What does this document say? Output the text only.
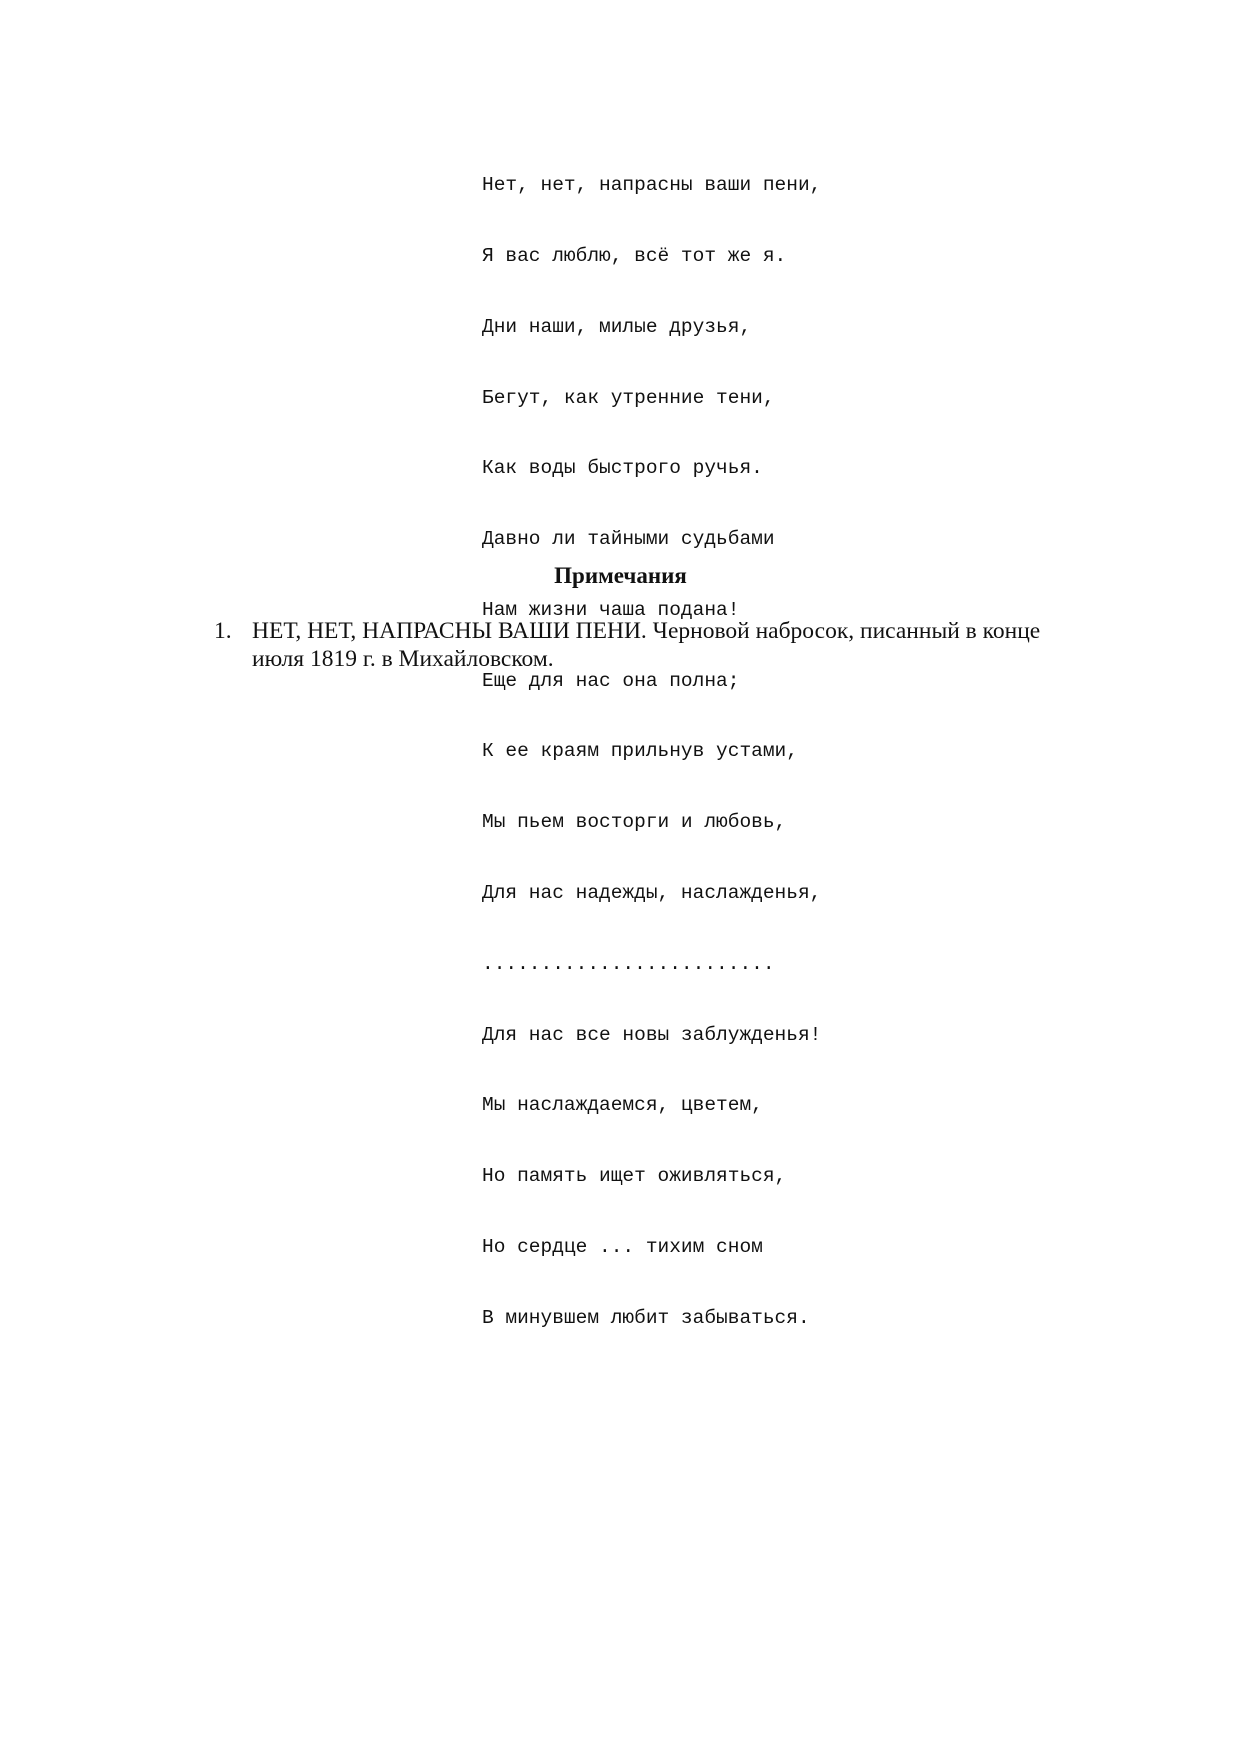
Нет, нет, напрасны ваши пени,

Я вас люблю, всё тот же я.

Дни наши, милые друзья,

Бегут, как утренние тени,

Как воды быстрого ручья.

Давно ли тайными судьбами

Нам жизни чаша подана!

Еще для нас она полна;

К ее краям прильнув устами,

Мы пьем восторги и любовь,

Для нас надежды, наслажденья,

.........................

Для нас все новы заблужденья!

Мы наслаждаемся, цветем,

Но память ищет оживляться,

Но сердце ... тихим сном

В минувшем любит забываться.

Примечания
1. НЕТ, НЕТ, НАПРАСНЫ ВАШИ ПЕНИ. Черновой набросок, писанный в конце
июля 1819 г. в Михайловском.
